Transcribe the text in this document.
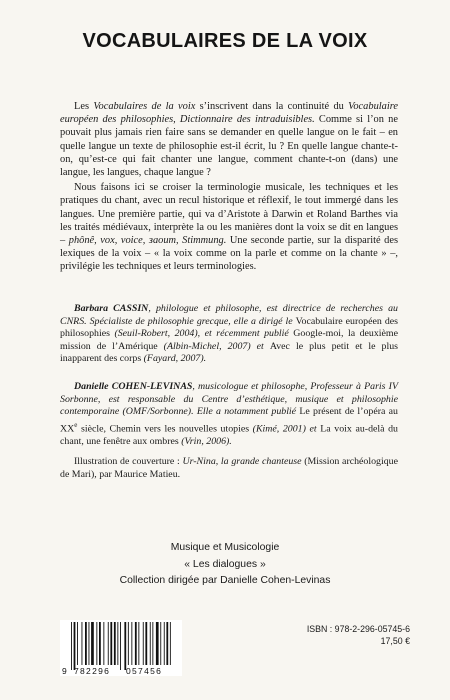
VOCABULAIRES DE LA VOIX

Les Vocabulaires de la voix s’inscrivent dans la continuité du Vocabulaire européen des philosophies, Dictionnaire des intraduisibles. Comme si l’on ne pouvait plus jamais rien faire sans se demander en quelle langue on le fait – en quelle langue un texte de philosophie est-il écrit, lu ? En quelle langue chante-t-on, qu’est-ce qui fait chanter une langue, comment chante-t-on (dans) une langue, les langues, chaque langue ?

Nous faisons ici se croiser la terminologie musicale, les techniques et les pratiques du chant, avec un recul historique et réflexif, le tout immergé dans les langues. Une première partie, qui va d’Aristote à Darwin et Roland Barthes via les traités médiévaux, interprète la ou les manières dont la voix se dit en langues – phônê, vox, voice, зaoum, Stimmung. Une seconde partie, sur la disparité des lexiques de la voix – « la voix comme on la parle et comme on la chante » –, privilégie les techniques et leurs terminologies.

Barbara CASSIN, philologue et philosophe, est directrice de recherches au CNRS. Spécialiste de philosophie grecque, elle a dirigé le Vocabulaire européen des philosophies (Seuil-Robert, 2004), et récemment publié Google-moi, la deuxième mission de l’Amérique (Albin-Michel, 2007) et Avec le plus petit et le plus inapparent des corps (Fayard, 2007).

Danielle COHEN-LEVINAS, musicologue et philosophe, Professeur à Paris IV Sorbonne, est responsable du Centre d’esthétique, musique et philosophie contemporaine (OMF/Sorbonne). Elle a notamment publié Le présent de l’opéra au XXe siècle, Chemin vers les nouvelles utopies (Kimé, 2001) et La voix au-delà du chant, une fenêtre aux ombres (Vrin, 2006).

Illustration de couverture : Ur-Nina, la grande chanteuse (Mission archéologique de Mari), par Maurice Matieu.

Musique et Musicologie
« Les dialogues »
Collection dirigée par Danielle Cohen-Levinas
9 782296 057456
ISBN : 978-2-296-05745-6
17,50 €
